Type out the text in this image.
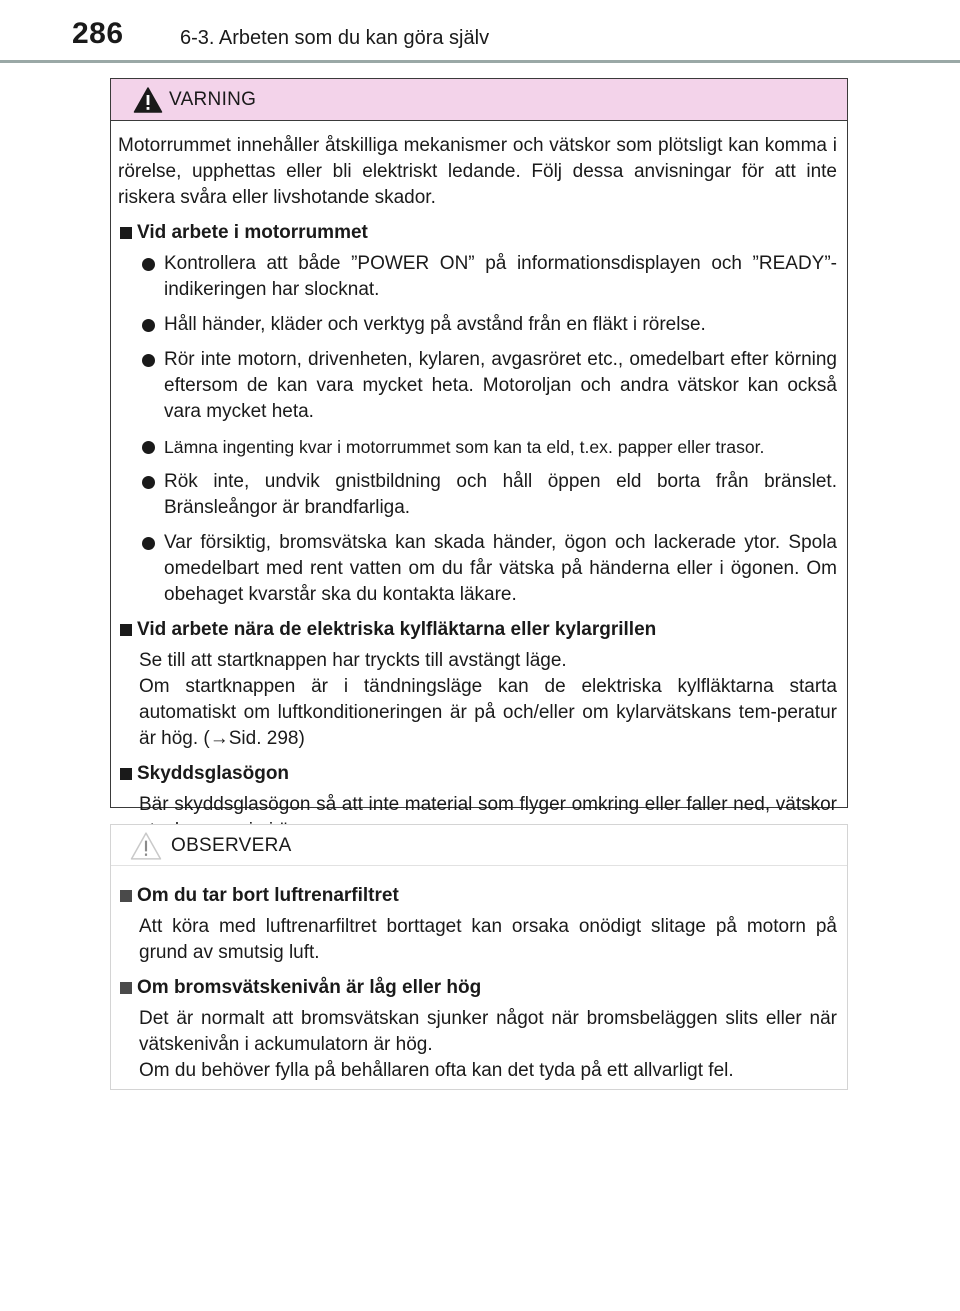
286	6-3. Arbeten som du kan göra själv
VARNING

Motorrummet innehåller åtskilliga mekanismer och vätskor som plötsligt kan komma i rörelse, upphettas eller bli elektriskt ledande. Följ dessa anvisningar för att inte riskera svåra eller livshotande skador.

Vid arbete i motorrummet

Kontrollera att både ”POWER ON” på informationsdisplayen och ”READY”-indikeringen har slocknat.

Håll händer, kläder och verktyg på avstånd från en fläkt i rörelse.

Rör inte motorn, drivenheten, kylaren, avgasröret etc., omedelbart efter körning eftersom de kan vara mycket heta. Motoroljan och andra vätskor kan också vara mycket heta.

Lämna ingenting kvar i motorrummet som kan ta eld, t.ex. papper eller trasor.

Rök inte, undvik gnistbildning och håll öppen eld borta från bränslet. Bränsleångor är brandfarliga.

Var försiktig, bromsvätska kan skada händer, ögon och lackerade ytor. Spola omedelbart med rent vatten om du får vätska på händerna eller i ögonen. Om obehaget kvarstår ska du kontakta läkare.

Vid arbete nära de elektriska kylfläktarna eller kylargrillen
Se till att startknappen har tryckts till avstängt läge.
Om startknappen är i tändningsläge kan de elektriska kylfläktarna starta automatiskt om luftkonditioneringen är på och/eller om kylarvätskans tem-peratur är hög. (→Sid. 298)
Skyddsglasögon
Bär skyddsglasögon så att inte material som flyger omkring eller faller ned, vätskor
OBSERVERA
Om du tar bort luftrenarfiltret
Att köra med luftrenarfiltret borttaget kan orsaka onödigt slitage på motorn på grund av smutsig luft.
Om bromsvätskenivån är låg eller hög
Det är normalt att bromsvätskan sjunker något när bromsbeläggen slits eller när vätskenivån i ackumulatorn är hög.
Om du behöver fylla på behållaren ofta kan det tyda på ett allvarligt fel.
